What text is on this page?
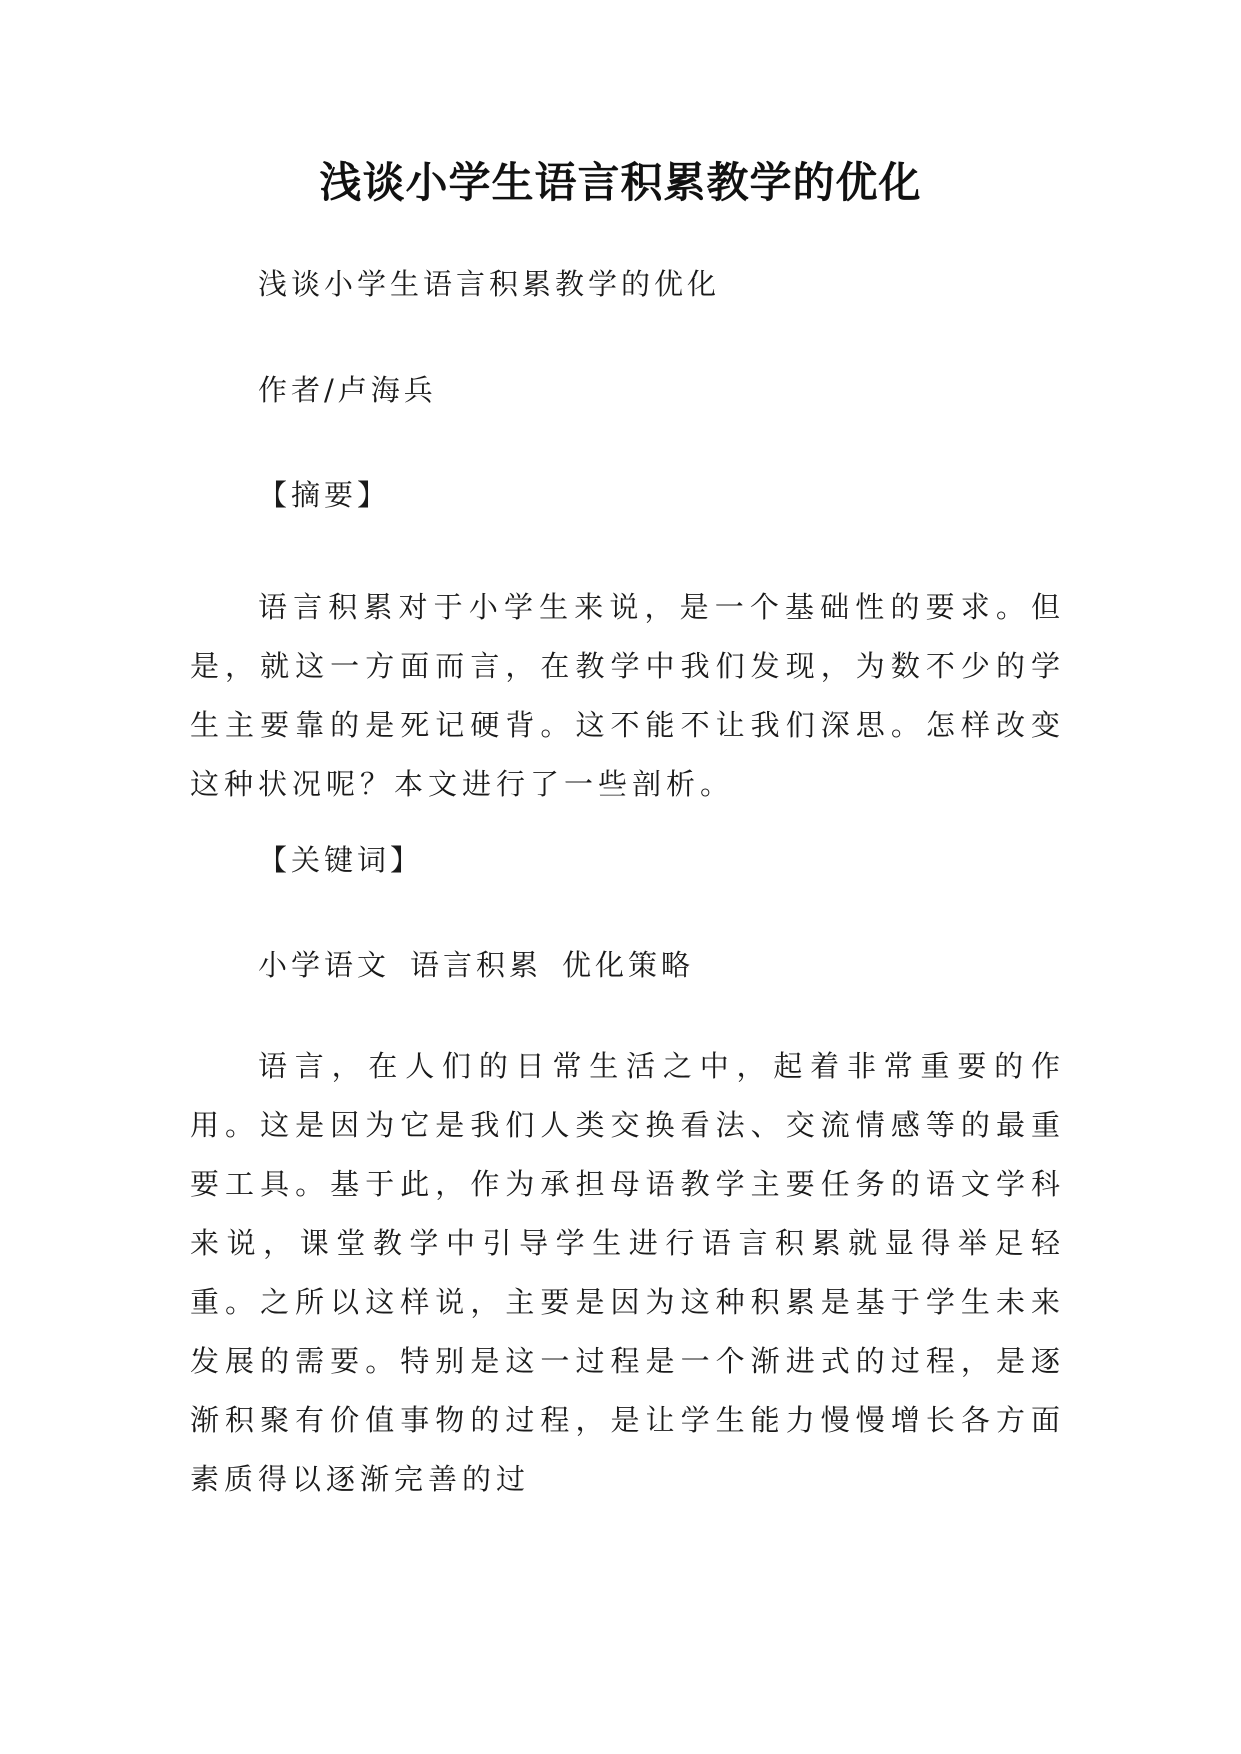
浅谈小学生语言积累教学的优化

浅谈小学生语言积累教学的优化

作者/卢海兵

【摘要】

语言积累对于小学生来说，是一个基础性的要求。但是，就这一方面而言，在教学中我们发现，为数不少的学生主要靠的是死记硬背。这不能不让我们深思。怎样改变这种状况呢？本文进行了一些剖析。

【关键词】

小学语文 语言积累 优化策略

语言，在人们的日常生活之中，起着非常重要的作用。这是因为它是我们人类交换看法、交流情感等的最重要工具。基于此，作为承担母语教学主要任务的语文学科来说，课堂教学中引导学生进行语言积累就显得举足轻重。之所以这样说，主要是因为这种积累是基于学生未来发展的需要。特别是这一过程是一个渐进式的过程，是逐渐积聚有价值事物的过程，是让学生能力慢慢增长各方面素质得以逐渐完善的过
